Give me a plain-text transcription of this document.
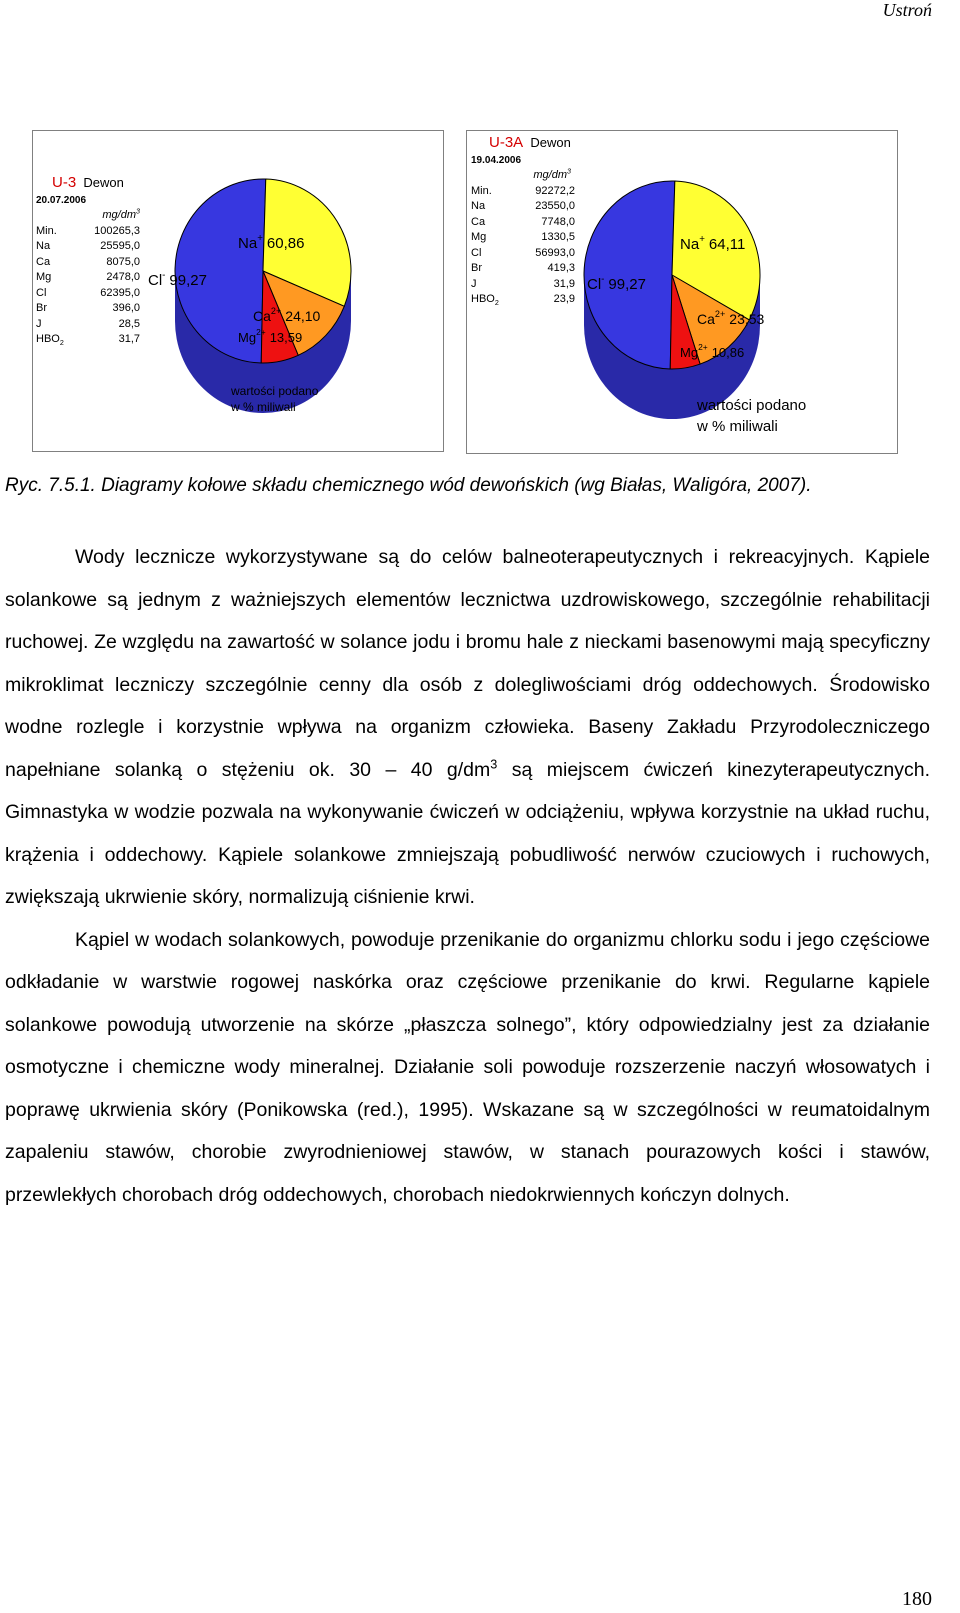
Ustroń
U-3 Dewon
20.07.2006
$mg/dm^3$
Min.	100265,3
Na	25595,0
Ca	8075,0
Mg	2478,0
Cl	62395,0
Br	396,0
J	28,5
$HBO_2$	31,7
Cl- 99,27
Na+ 60,86
$Ca^{2+}$ 24,10
$Mg^{2+}$ 13,59
wartości podano
w % miliwali
U-3A Dewon
19.04.2006
$mg/dm^3$
Min.	92272,2
Na	23550,0
Ca	7748,0
Mg	1330,5
Cl	56993,0
Br	419,3
J	31,9
$HBO_2$	23,9
Cl- 99,27
Na+ 64,11
$Ca^{2+}$ 23,53
$Mg^{2+}$ 10,86
wartości podano
w % miliwali
Ryc. 7.5.1. Diagramy kołowe składu chemicznego wód dewońskich (wg Białas, Waligóra, 2007).

Wody lecznicze wykorzystywane są do celów balneoterapeutycznych i rekreacyjnych. Kąpiele solankowe są jednym z ważniejszych elementów lecznictwa uzdrowiskowego, szczególnie rehabilitacji ruchowej. Ze względu na zawartość w solance jodu i bromu hale z nieckami basenowymi mają specyficzny mikroklimat leczniczy szczególnie cenny dla osób z dolegliwościami dróg oddechowych. Środowisko wodne rozlegle i korzystnie wpływa na organizm człowieka. Baseny Zakładu Przyrodoleczniczego napełniane solanką o stężeniu ok. 30 – 40 $g/dm^3$ są miejscem ćwiczeń kinezyterapeutycznych. Gimnastyka w wodzie pozwala na wykonywanie ćwiczeń w odciążeniu, wpływa korzystnie na układ ruchu, krążenia i oddechowy. Kąpiele solankowe zmniejszają pobudliwość nerwów czuciowych i ruchowych, zwiększają ukrwienie skóry, normalizują ciśnienie krwi.

Kąpiel w wodach solankowych, powoduje przenikanie do organizmu chlorku sodu i jego częściowe odkładanie w warstwie rogowej naskórka oraz częściowe przenikanie do krwi. Regularne kąpiele solankowe powodują utworzenie na skórze „płaszcza solnego”, który odpowiedzialny jest za działanie osmotyczne i chemiczne wody mineralnej. Działanie soli powoduje rozszerzenie naczyń włosowatych i poprawę ukrwienia skóry (Ponikowska (red.), 1995). Wskazane są w szczególności w reumatoidalnym zapaleniu stawów, chorobie zwyrodnieniowej stawów, w stanach pourazowych kości i stawów, przewlekłych chorobach dróg oddechowych, chorobach niedokrwiennych kończyn dolnych.

180
